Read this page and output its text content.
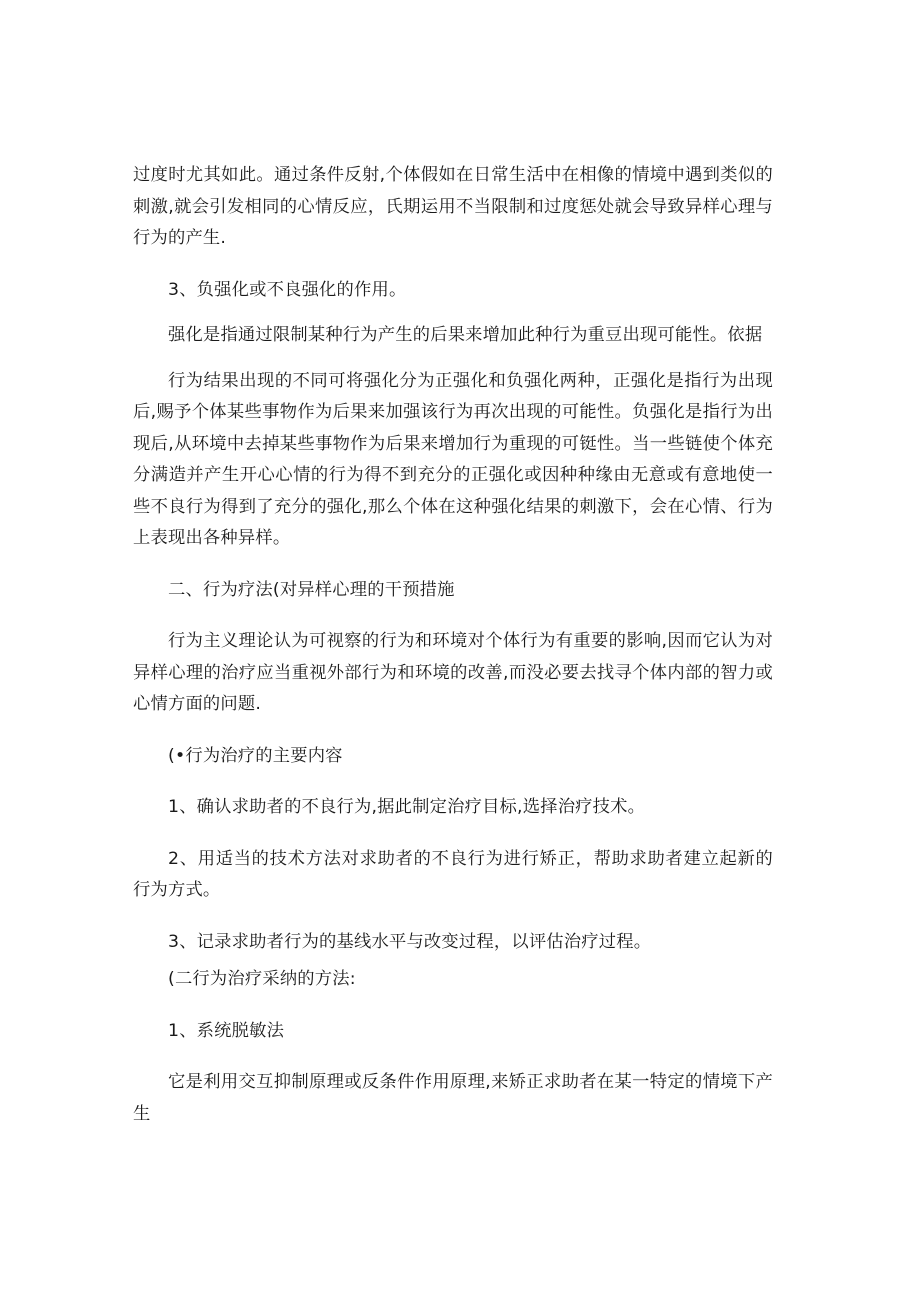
过度时尤其如此。通过条件反射,个体假如在日常生活中在相像的情境中遇到类似的刺激,就会引发相同的心情反应，氏期运用不当限制和过度惩处就会导致异样心理与行为的产生.

3、负强化或不良强化的作用。

强化是指通过限制某种行为产生的后果来增加此种行为重豆出现可能性。依据

行为结果出现的不同可将强化分为正强化和负强化两种，正强化是指行为出现后,赐予个体某些事物作为后果来加强该行为再次出现的可能性。负强化是指行为出现后,从环境中去掉某些事物作为后果来增加行为重现的可铤性。当一些链使个体充分满造并产生开心心情的行为得不到充分的正强化或因种种缘由无意或有意地使一些不良行为得到了充分的强化,那么个体在这种强化结果的刺激下，会在心情、行为上表现出各种异样。

二、行为疗法(对异样心理的干预措施

行为主义理论认为可视察的行为和环境对个体行为有重要的影响,因而它认为对异样心理的治疗应当重视外部行为和环境的改善,而没必要去找寻个体内部的智力或心情方面的问题.

(•行为治疗的主要内容

1、确认求助者的不良行为,据此制定治疗目标,选择治疗技术。

2、用适当的技术方法对求助者的不良行为进行矫正，帮助求助者建立起新的行为方式。

3、记录求助者行为的基线水平与改变过程，以评估治疗过程。

(二行为治疗采纳的方法:

1、系统脱敏法

它是利用交互抑制原理或反条件作用原理,来矫正求助者在某一特定的情境下产生
